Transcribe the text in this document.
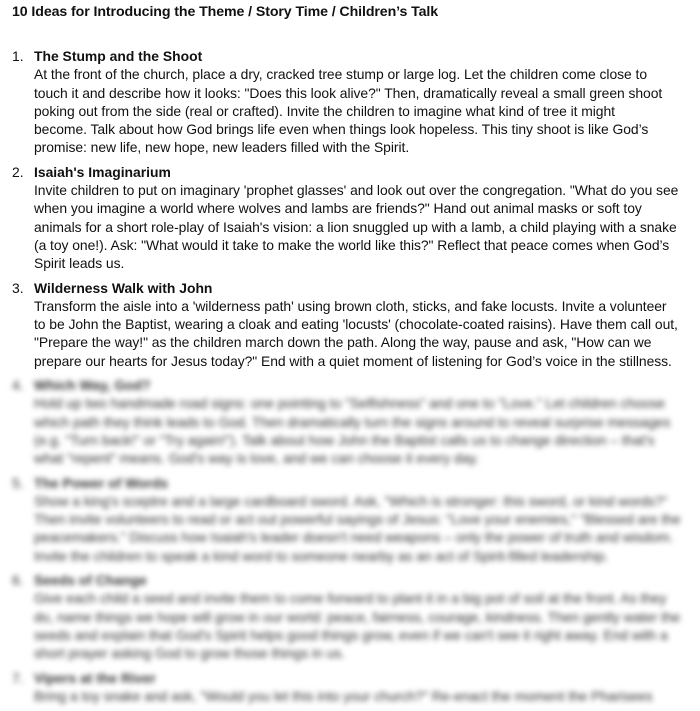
10 Ideas for Introducing the Theme / Story Time / Children’s Talk
1. The Stump and the Shoot
At the front of the church, place a dry, cracked tree stump or large log. Let the children come close to
touch it and describe how it looks: "Does this look alive?" Then, dramatically reveal a small green shoot
poking out from the side (real or crafted). Invite the children to imagine what kind of tree it might
become. Talk about how God brings life even when things look hopeless. This tiny shoot is like God’s
promise: new life, new hope, new leaders filled with the Spirit.
2. Isaiah's Imaginarium
Invite children to put on imaginary 'prophet glasses' and look out over the congregation. "What do you see
when you imagine a world where wolves and lambs are friends?" Hand out animal masks or soft toy
animals for a short role-play of Isaiah's vision: a lion snuggled up with a lamb, a child playing with a snake
(a toy one!). Ask: "What would it take to make the world like this?" Reflect that peace comes when God’s
Spirit leads us.
3. Wilderness Walk with John
Transform the aisle into a 'wilderness path' using brown cloth, sticks, and fake locusts. Invite a volunteer
to be John the Baptist, wearing a cloak and eating 'locusts' (chocolate-coated raisins). Have them call out,
"Prepare the way!" as the children march down the path. Along the way, pause and ask, "How can we
prepare our hearts for Jesus today?" End with a quiet moment of listening for God’s voice in the stillness.
4. Which Way, God?
Hold up two handmade road signs: one pointing to "Selfishness" and one to "Love." Let children choose
which path they think leads to God. Then dramatically turn the signs around to reveal surprise messages
(e.g. "Turn back!" or "Try again!"). Talk about how John the Baptist calls us to change direction – that's
what "repent" means. God's way is love, and we can choose it every day.
5. The Power of Words
Show a king's sceptre and a large cardboard sword. Ask, "Which is stronger: this sword, or kind words?"
Then invite volunteers to read or act out powerful sayings of Jesus: "Love your enemies," "Blessed are the
peacemakers." Discuss how Isaiah's leader doesn't need weapons – only the power of truth and wisdom.
Invite the children to speak a kind word to someone nearby as an act of Spirit-filled leadership.
6. Seeds of Change
Give each child a seed and invite them to come forward to plant it in a big pot of soil at the front. As they
do, name things we hope will grow in our world: peace, fairness, courage, kindness. Then gently water the
seeds and explain that God's Spirit helps good things grow, even if we can't see it right away. End with a
short prayer asking God to grow those things in us.
7. Vipers at the River
Bring a toy snake and ask, "Would you let this into your church?" Re-enact the moment the Pharisees
